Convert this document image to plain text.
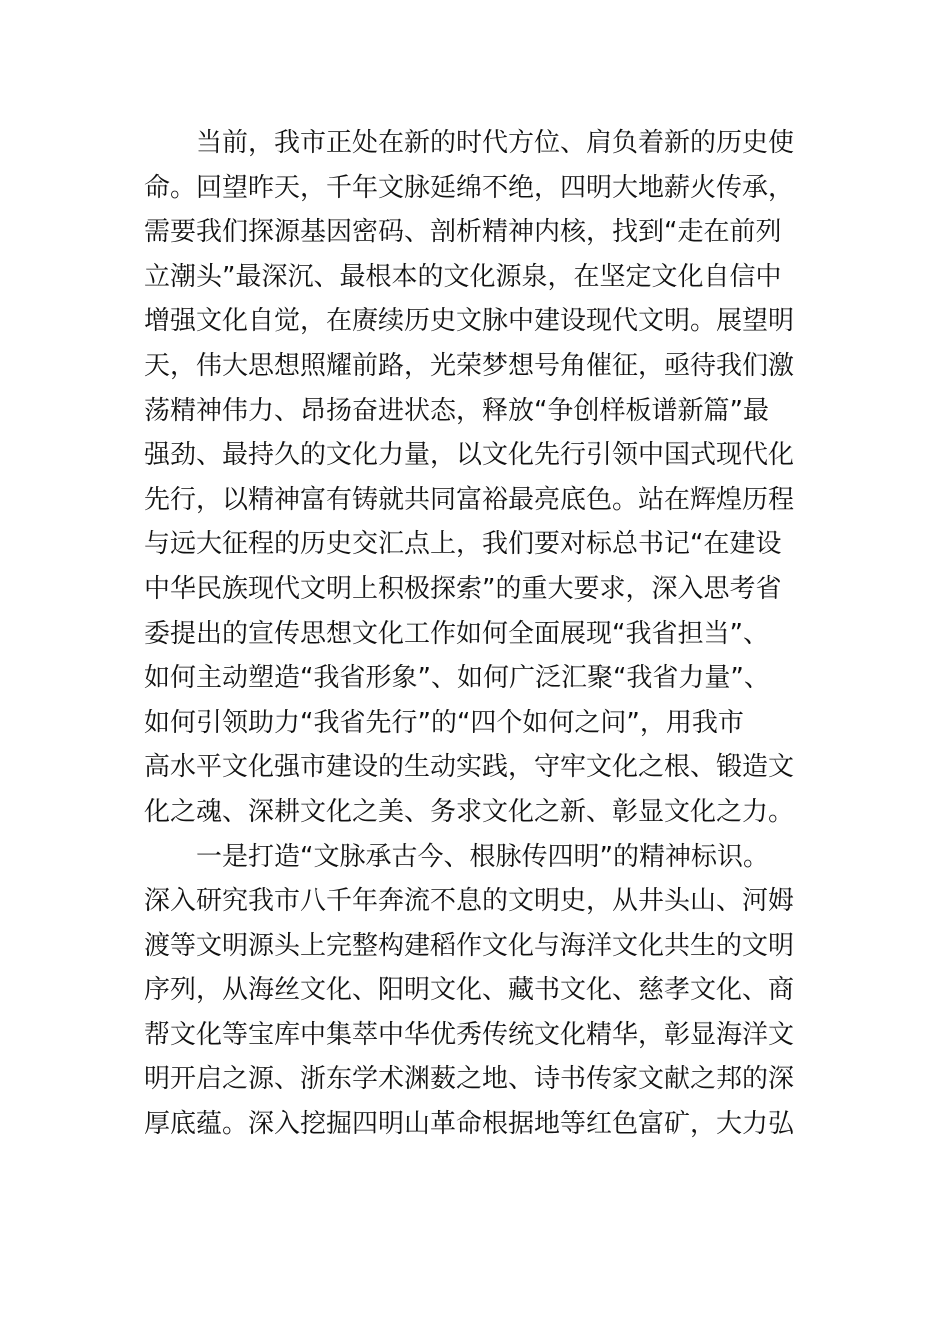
当前，我市正处在新的时代方位、肩负着新的历史使
命。回望昨天，千年文脉延绵不绝，四明大地薪火传承，
需要我们探源基因密码、剖析精神内核，找到“走在前列
立潮头”最深沉、最根本的文化源泉，在坚定文化自信中
增强文化自觉，在赓续历史文脉中建设现代文明。展望明
天，伟大思想照耀前路，光荣梦想号角催征，亟待我们激
荡精神伟力、昂扬奋进状态，释放“争创样板谱新篇”最
强劲、最持久的文化力量，以文化先行引领中国式现代化
先行，以精神富有铸就共同富裕最亮底色。站在辉煌历程
与远大征程的历史交汇点上，我们要对标总书记“在建设
中华民族现代文明上积极探索”的重大要求，深入思考省
委提出的宣传思想文化工作如何全面展现“我省担当”、
如何主动塑造“我省形象”、如何广泛汇聚“我省力量”、
如何引领助力“我省先行”的“四个如何之问”，用我市
高水平文化强市建设的生动实践，守牢文化之根、锻造文
化之魂、深耕文化之美、务求文化之新、彰显文化之力。
一是打造“文脉承古今、根脉传四明”的精神标识。
深入研究我市八千年奔流不息的文明史，从井头山、河姆
渡等文明源头上完整构建稻作文化与海洋文化共生的文明
序列，从海丝文化、阳明文化、藏书文化、慈孝文化、商
帮文化等宝库中集萃中华优秀传统文化精华，彰显海洋文
明开启之源、浙东学术渊薮之地、诗书传家文献之邦的深
厚底蕴。深入挖掘四明山革命根据地等红色富矿，大力弘
